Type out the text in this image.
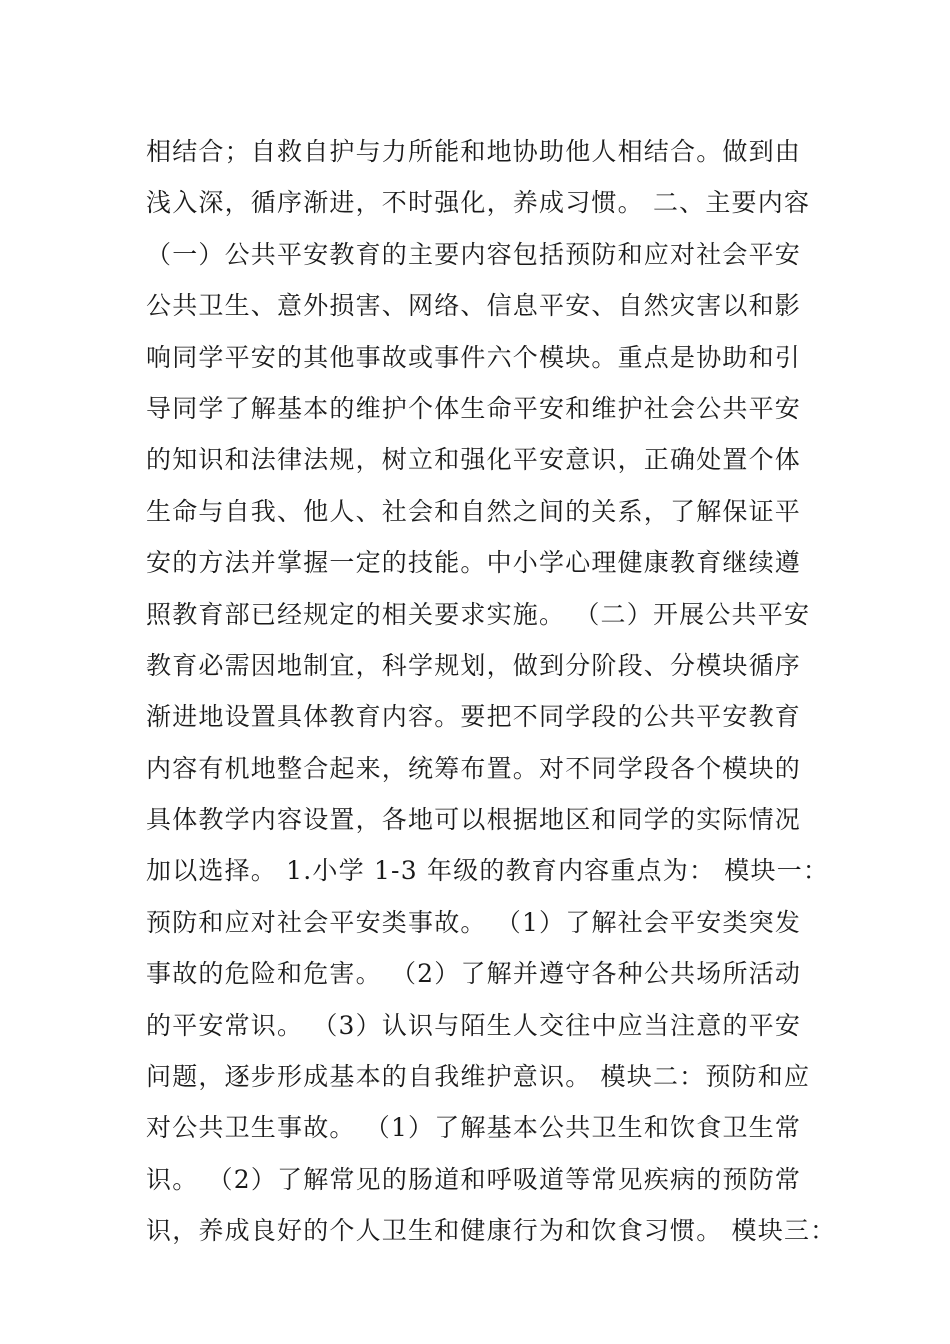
相结合；自救自护与力所能和地协助他人相结合。做到由
浅入深，循序渐进，不时强化，养成习惯。 二、主要内容
（一）公共平安教育的主要内容包括预防和应对社会平安
公共卫生、意外损害、网络、信息平安、自然灾害以和影
响同学平安的其他事故或事件六个模块。重点是协助和引
导同学了解基本的维护个体生命平安和维护社会公共平安
的知识和法律法规，树立和强化平安意识，正确处置个体
生命与自我、他人、社会和自然之间的关系，了解保证平
安的方法并掌握一定的技能。中小学心理健康教育继续遵
照教育部已经规定的相关要求实施。 （二）开展公共平安
教育必需因地制宜，科学规划，做到分阶段、分模块循序
渐进地设置具体教育内容。要把不同学段的公共平安教育
内容有机地整合起来，统筹布置。对不同学段各个模块的
具体教学内容设置，各地可以根据地区和同学的实际情况
加以选择。 1.小学 1-3 年级的教育内容重点为： 模块一：
预防和应对社会平安类事故。 （1）了解社会平安类突发
事故的危险和危害。 （2）了解并遵守各种公共场所活动
的平安常识。 （3）认识与陌生人交往中应当注意的平安
问题，逐步形成基本的自我维护意识。 模块二：预防和应
对公共卫生事故。 （1）了解基本公共卫生和饮食卫生常
识。 （2）了解常见的肠道和呼吸道等常见疾病的预防常
识，养成良好的个人卫生和健康行为和饮食习惯。 模块三：
